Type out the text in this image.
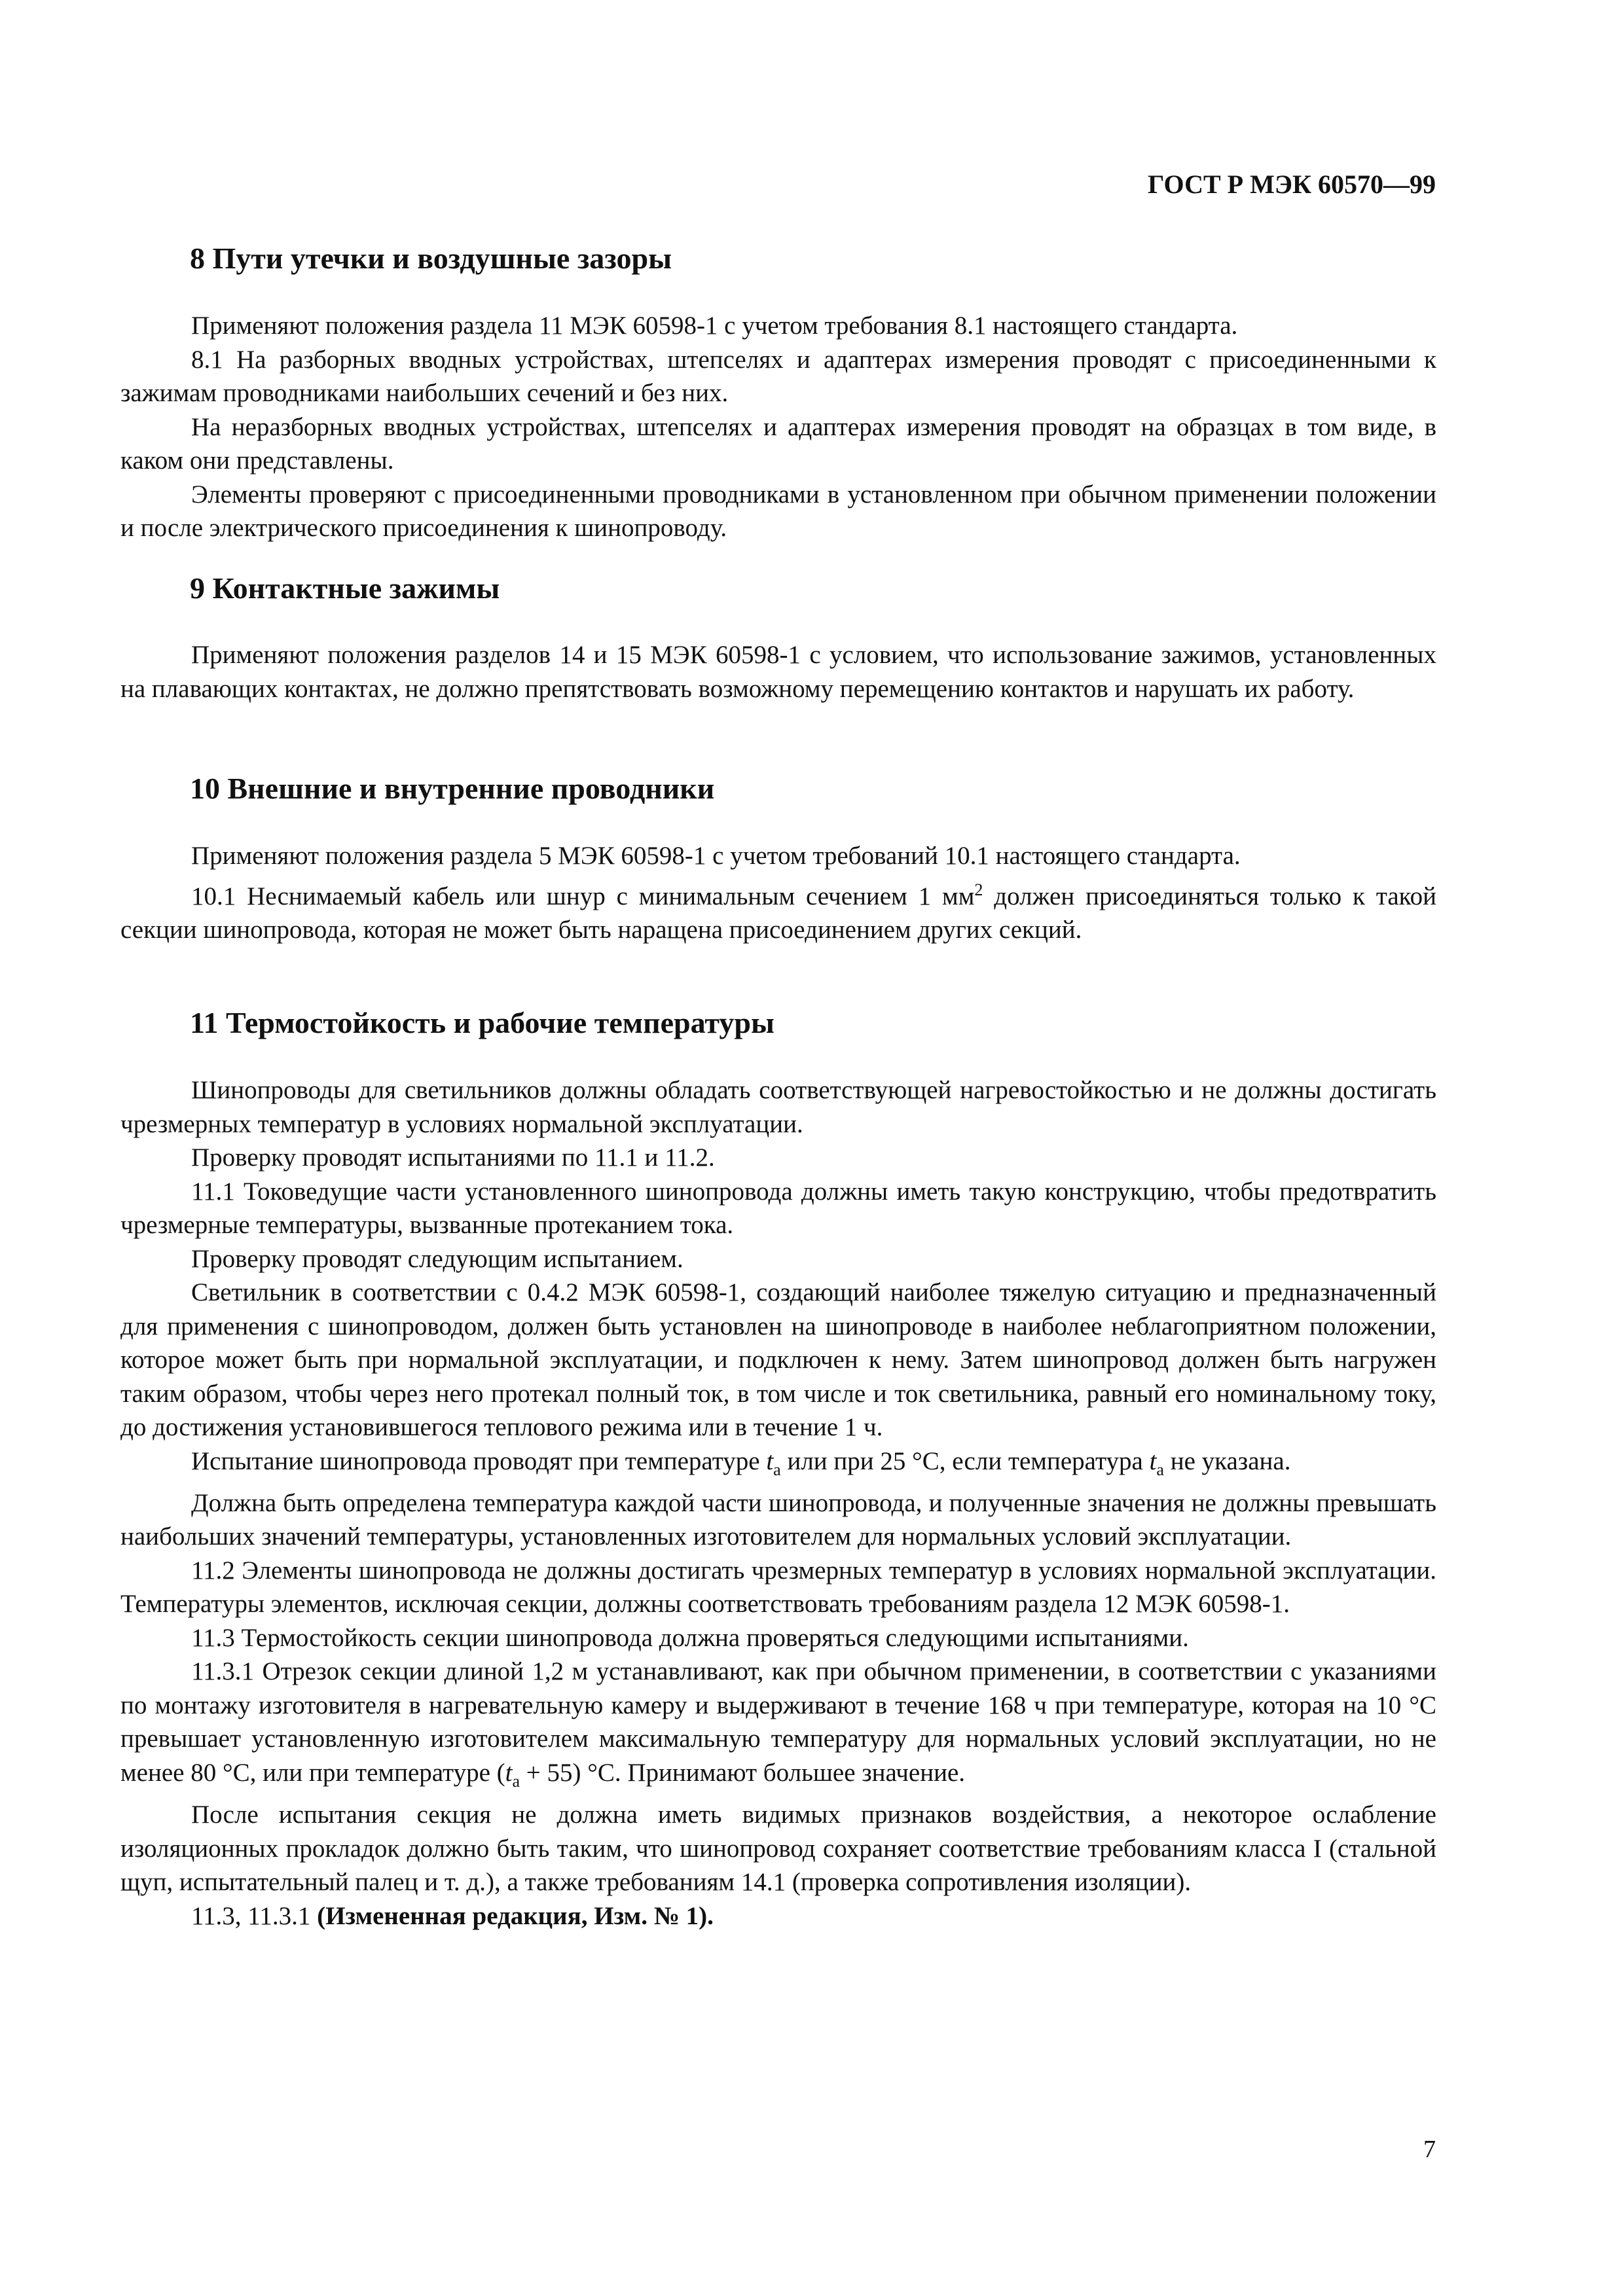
ГОСТ Р МЭК 60570—99
8 Пути утечки и воздушные зазоры

Применяют положения раздела 11 МЭК 60598-1 с учетом требования 8.1 настоящего стандарта.

8.1 На разборных вводных устройствах, штепселях и адаптерах измерения проводят с присоединенными к зажимам проводниками наибольших сечений и без них.

На неразборных вводных устройствах, штепселях и адаптерах измерения проводят на образцах в том виде, в каком они представлены.

Элементы проверяют с присоединенными проводниками в установленном при обычном применении положении и после электрического присоединения к шинопроводу.

9 Контактные зажимы

Применяют положения разделов 14 и 15 МЭК 60598-1 с условием, что использование зажимов, установленных на плавающих контактах, не должно препятствовать возможному перемещению контактов и нарушать их работу.

10 Внешние и внутренние проводники

Применяют положения раздела 5 МЭК 60598-1 с учетом требований 10.1 настоящего стандарта.

10.1 Неснимаемый кабель или шнур с минимальным сечением 1 $мм^2$ должен присоединяться только к такой секции шинопровода, которая не может быть наращена присоединением других секций.

11 Термостойкость и рабочие температуры

Шинопроводы для светильников должны обладать соответствующей нагревостойкостью и не должны достигать чрезмерных температур в условиях нормальной эксплуатации.

Проверку проводят испытаниями по 11.1 и 11.2.

11.1 Токоведущие части установленного шинопровода должны иметь такую конструкцию, чтобы предотвратить чрезмерные температуры, вызванные протеканием тока.

Проверку проводят следующим испытанием.

Светильник в соответствии с 0.4.2 МЭК 60598-1, создающий наиболее тяжелую ситуацию и предназначенный для применения с шинопроводом, должен быть установлен на шинопроводе в наиболее неблагоприятном положении, которое может быть при нормальной эксплуатации, и подключен к нему. Затем шинопровод должен быть нагружен таким образом, чтобы через него протекал полный ток, в том числе и ток светильника, равный его номинальному току, до достижения установившегося теплового режима или в течение 1 ч.

Испытание шинопровода проводят при температуре $t_a$ или при 25 °С, если температура $t_a$ не указана.

Должна быть определена температура каждой части шинопровода, и полученные значения не должны превышать наибольших значений температуры, установленных изготовителем для нормальных условий эксплуатации.

11.2 Элементы шинопровода не должны достигать чрезмерных температур в условиях нормальной эксплуатации. Температуры элементов, исключая секции, должны соответствовать требованиям раздела 12 МЭК 60598-1.

11.3 Термостойкость секции шинопровода должна проверяться следующими испытаниями.

11.3.1 Отрезок секции длиной 1,2 м устанавливают, как при обычном применении, в соответствии с указаниями по монтажу изготовителя в нагревательную камеру и выдерживают в течение 168 ч при температуре, которая на 10 °С превышает установленную изготовителем максимальную температуру для нормальных условий эксплуатации, но не менее 80 °С, или при температуре $(t_a + 55)$ °С. Принимают большее значение.

После испытания секция не должна иметь видимых признаков воздействия, а некоторое ослабление изоляционных прокладок должно быть таким, что шинопровод сохраняет соответствие требованиям класса I (стальной щуп, испытательный палец и т. д.), а также требованиям 14.1 (проверка сопротивления изоляции).

11.3, 11.3.1 (Измененная редакция, Изм. № 1).

7
